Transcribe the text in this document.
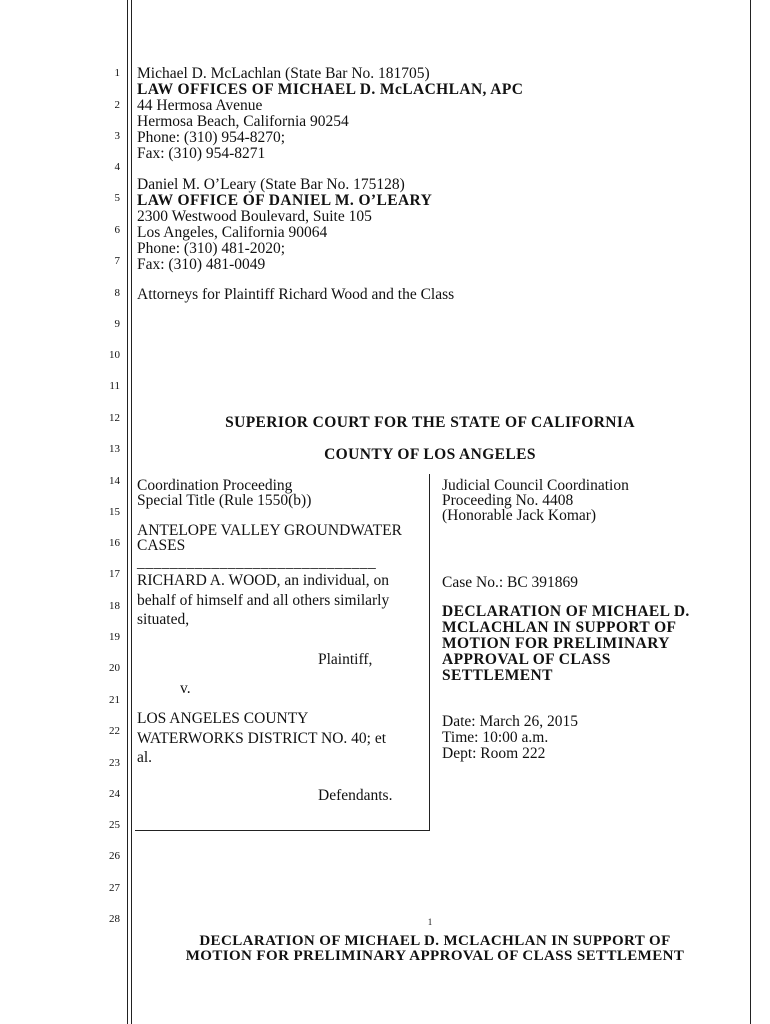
1
2
3
4
5
6
7
8
9
10
11
12
13
14
15
16
17
18
19
20
21
22
23
24
25
26
27
28
Michael D. McLachlan (State Bar No. 181705)
LAW OFFICES OF MICHAEL D. McLACHLAN, APC
44 Hermosa Avenue
Hermosa Beach, California 90254
Phone: (310) 954-8270;
Fax: (310) 954-8271
Daniel M. O’Leary (State Bar No. 175128)
LAW OFFICE OF DANIEL M. O’LEARY
2300 Westwood Boulevard, Suite 105
Los Angeles, California 90064
Phone: (310) 481-2020;
Fax: (310) 481-0049
Attorneys for Plaintiff Richard Wood and the Class
SUPERIOR COURT FOR THE STATE OF CALIFORNIA
COUNTY OF LOS ANGELES
Coordination Proceeding
Special Title (Rule 1550(b))
ANTELOPE VALLEY GROUNDWATER
CASES
_____________________________
RICHARD A. WOOD, an individual, on
behalf of himself and all others similarly
situated,
Plaintiff,
v.
LOS ANGELES COUNTY
WATERWORKS DISTRICT NO. 40; et
al.
Defendants.
Judicial Council Coordination
Proceeding No. 4408
(Honorable Jack Komar)
Case No.: BC 391869
DECLARATION OF MICHAEL D.
MCLACHLAN IN SUPPORT OF
MOTION FOR PRELIMINARY
APPROVAL OF CLASS
SETTLEMENT
Date: March 26, 2015
Time: 10:00 a.m.
Dept: Room 222
1
DECLARATION OF MICHAEL D. MCLACHLAN IN SUPPORT OF
MOTION FOR PRELIMINARY APPROVAL OF CLASS SETTLEMENT
